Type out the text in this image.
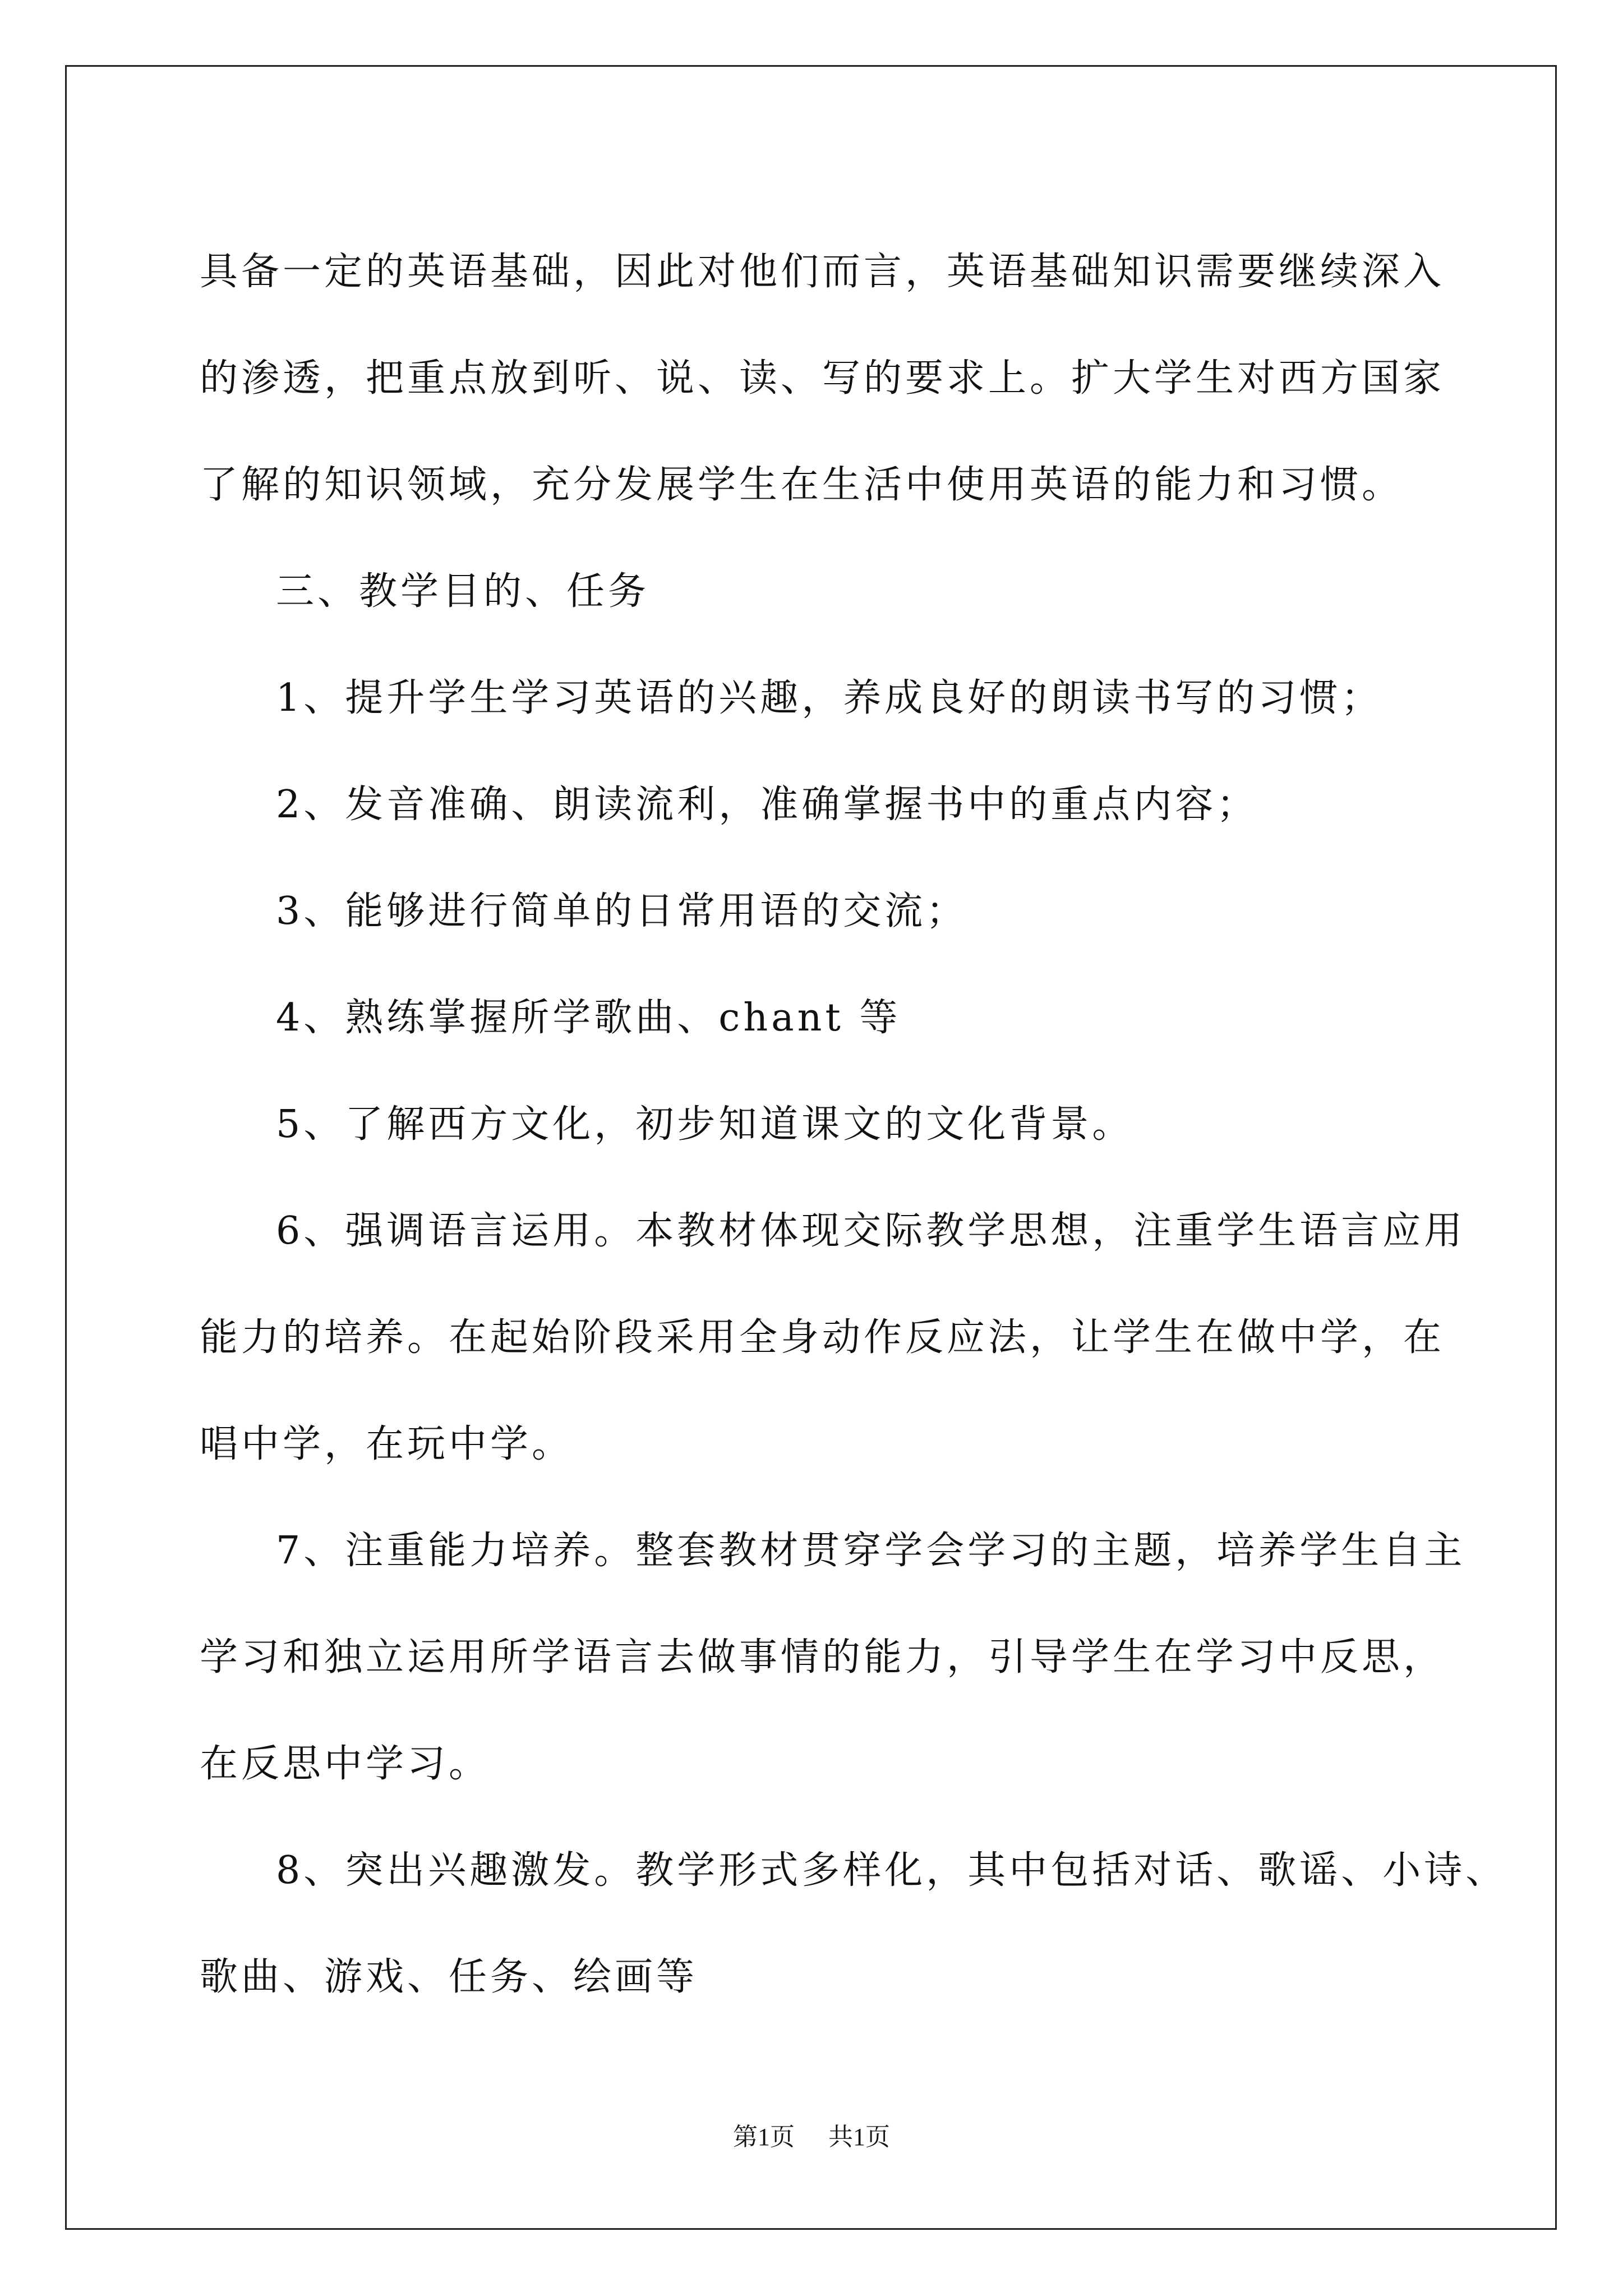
具备一定的英语基础，因此对他们而言，英语基础知识需要继续深入
的渗透，把重点放到听、说、读、写的要求上。扩大学生对西方国家
了解的知识领域，充分发展学生在生活中使用英语的能力和习惯。
三、教学目的、任务
1、提升学生学习英语的兴趣，养成良好的朗读书写的习惯；
2、发音准确、朗读流利，准确掌握书中的重点内容；
3、能够进行简单的日常用语的交流；
4、熟练掌握所学歌曲、chant 等
5、了解西方文化，初步知道课文的文化背景。
6、强调语言运用。本教材体现交际教学思想，注重学生语言应用
能力的培养。在起始阶段采用全身动作反应法，让学生在做中学，在
唱中学，在玩中学。
7、注重能力培养。整套教材贯穿学会学习的主题，培养学生自主
学习和独立运用所学语言去做事情的能力，引导学生在学习中反思，
在反思中学习。
8、突出兴趣激发。教学形式多样化，其中包括对话、歌谣、小诗、
歌曲、游戏、任务、绘画等
第1页 共1页
